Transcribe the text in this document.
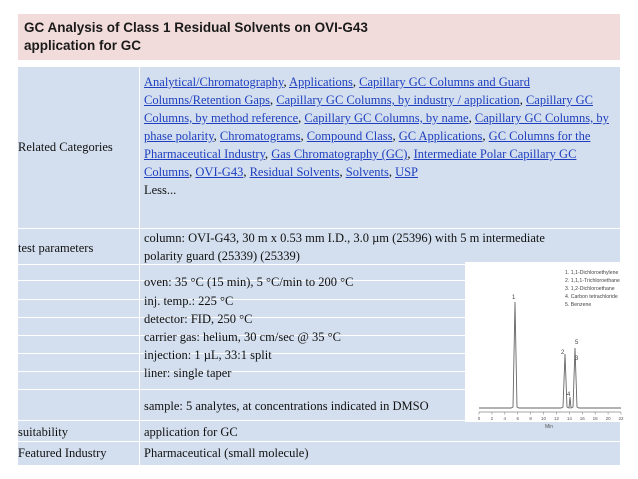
GC Analysis of Class 1 Residual Solvents on OVI-G43
application for GC
Related Categories
Analytical/Chromatography, Applications, Capillary GC Columns and Guard Columns/Retention Gaps, Capillary GC Columns, by industry / application, Capillary GC Columns, by method reference, Capillary GC Columns, by name, Capillary GC Columns, by phase polarity, Chromatograms, Compound Class, GC Applications, GC Columns for the Pharmaceutical Industry, Gas Chromatography (GC), Intermediate Polar Capillary GC Columns, OVI-G43, Residual Solvents, Solvents, USP
Less...
test parameters
column: OVI-G43, 30 m x 0.53 mm I.D., 3.0 µm (25396) with 5 m intermediate
polarity guard (25339) (25339)
oven: 35 °C (15 min), 5 °C/min to 200 °C
inj. temp.: 225 °C
detector: FID, 250 °C
carrier gas: helium, 30 cm/sec @ 35 °C
injection: 1 µL, 33:1 split
liner: single taper
sample: 5 analytes, at concentrations indicated in DMSO
suitability	application for GC
Featured Industry	Pharmaceutical (small molecule)
1. 1,1-Dichloroethylene
2. 1,1,1-Trichloroethane
3. 1,2-Dichloroethane
4. Carbon tetrachloride
5. Benzene
1
2
3
4
5
0 2 4 6 8 10 12 14 16 18 20 22
Min
